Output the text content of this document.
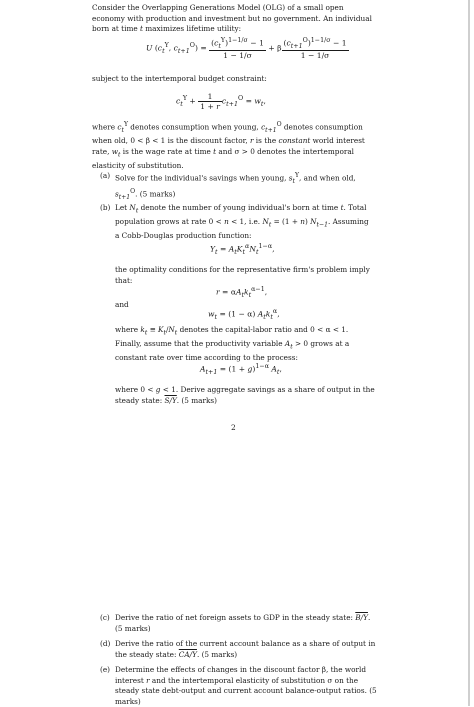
Consider the Overlapping Generations Model (OLG) of a small open economy with production and investment but no government. An individual born at time t maximizes lifetime utility:
U ($c_t^Y$, $c_{t+1}^O) = \frac{(c_t^Y)^{1-1/\sigma} - 1}{1 - 1/\sigma} + \beta \frac{(c_{t+1}^O)^{1-1/\sigma} - 1}{1 - 1/\sigma}$
subject to the intertemporal budget constraint:
$c_t^Y + \frac{1}{1 + r} c_{t+1}^O = w_t$,
where $c_t^Y$ denotes consumption when young, $c_{t+1}^O$ denotes consumption when old, 0 < β < 1 is the discount factor, r is the constant world interest rate, $w_t$ is the wage rate at time t and σ > 0 denotes the intertemporal elasticity of substitution.
(a) Solve for the individual's savings when young, $s_t^Y$, and when old, $s_{t+1}^O$. (5 marks)
(b) Let $N_t$ denote the number of young individual's born at time t. Total population grows at rate 0 < n < 1, i.e. $N_t = (1 + n)$ $N_{t-1}$. Assuming a Cobb-Douglas production function:
$Y_t = A_tK_t^\alpha N_t^{1-\alpha}$,
the optimality conditions for the representative firm's problem imply that:
$r = \alpha A_tk_t^{\alpha-1}$,
and
$w_t = (1 - \alpha)$ $A_tk_t^\alpha$,
where $k_t \equiv K_t/N_t$ denotes the capital-labor ratio and 0 < α < 1. Finally, assume that the productivity variable $A_t > 0$ grows at a constant rate over time according to the process:
$A_{t+1} = (1 + g)^{1-\alpha}$ $A_t$,
where 0 < g < 1. Derive aggregate savings as a share of output in the steady state: S/Y. (5 marks)
2
(c) Derive the ratio of net foreign assets to GDP in the steady state: B/Y. (5 marks)
(d) Derive the ratio of the current account balance as a share of output in the steady state: CA/Y. (5 marks)
(e) Determine the effects of changes in the discount factor β, the world interest r and the intertemporal elasticity of substitution σ on the steady state debt-output and current account balance-output ratios. (5 marks)
